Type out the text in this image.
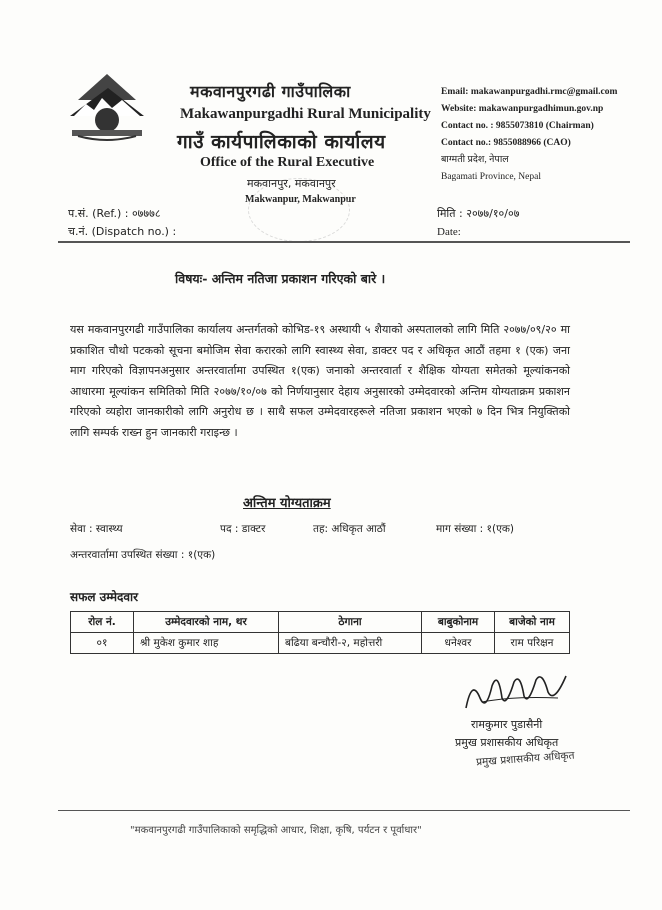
मकवानपुरगढी गाउँपालिका
Makawanpurgadhi Rural Municipality
गाउँ कार्यपालिकाको कार्यालय
Office of the Rural Executive
मकवानपुर, मकवानपुर
Makwanpur, Makwanpur
Email: makawanpurgadhi.rmc@gmail.com
Website: makawanpurgadhimun.gov.np
Contact no. : 9855073810 (Chairman)
Contact no.: 9855088966 (CAO)
बाग्मती प्रदेश, नेपाल
Bagamati Province, Nepal
प.सं. (Ref.) : ०७७७८
च.नं. (Dispatch no.) :
मिति : २०७७/१०/०७
Date:
विषयः- अन्तिम नतिजा प्रकाशन गरिएको बारे ।
यस मकवानपुरगढी गाउँपालिका कार्यालय अन्तर्गतको कोभिड-१९ अस्थायी ५ शैयाको अस्पतालको लागि मिति २०७७/०९/२० मा प्रकाशित चौथो पटकको सूचना बमोजिम सेवा करारको लागि स्वास्थ्य सेवा, डाक्टर पद र अधिकृत आठौं तहमा १ (एक) जना माग गरिएको विज्ञापनअनुसार अन्तरवार्तामा उपस्थित १(एक) जनाको अन्तरवार्ता र शैक्षिक योग्यता समेतको मूल्यांकनको आधारमा मूल्यांकन समितिको मिति २०७७/१०/०७ को निर्णयानुसार देहाय अनुसारको उम्मेदवारको अन्तिम योग्यताक्रम प्रकाशन गरिएको व्यहोरा जानकारीको लागि अनुरोध छ । साथै सफल उम्मेदवारहरूले नतिजा प्रकाशन भएको ७ दिन भित्र नियुक्तिको लागि सम्पर्क राख्न हुन जानकारी गराइन्छ ।
अन्तिम योग्यताक्रम
सेवा : स्वास्थ्य	पद : डाक्टर	तह: अधिकृत आठौं	माग संख्या : १(एक)
अन्तरवार्तामा उपस्थित संख्या : १(एक)
सफल उम्मेदवार
रोल नं.	उम्मेदवारको नाम, थर	ठेगाना	बाबुकोनाम	बाजेको नाम
०१	श्री मुकेश कुमार शाह	बढिया बन्चौरी-२, महोत्तरी	धनेश्वर	राम परिक्षन
रामकुमार पुडासैनी
प्रमुख प्रशासकीय अधिकृत
प्रमुख प्रशासकीय अधिकृत
"मकवानपुरगढी गाउँपालिकाको समृद्धिको आधार, शिक्षा, कृषि, पर्यटन र पूर्वाधार"
